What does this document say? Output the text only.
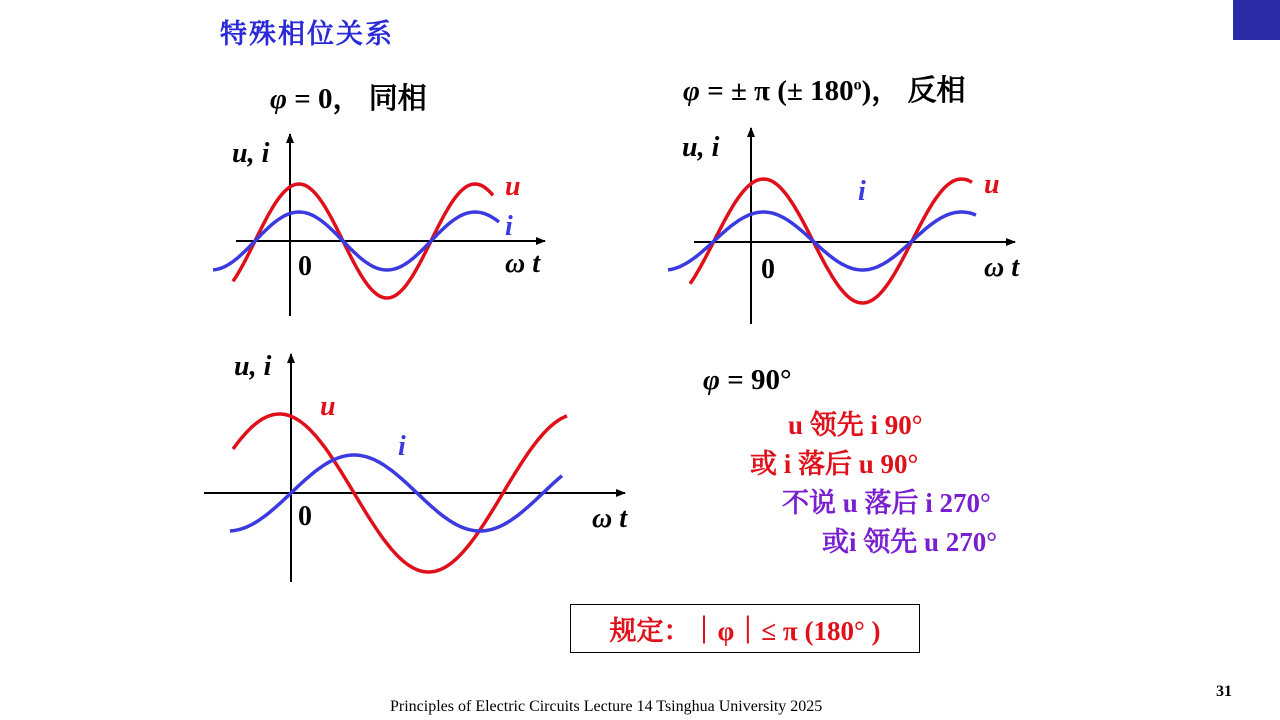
特殊相位关系
φ = 0， 同相	φ = ± π (± $180^o$)， 反相
φ = 90°
u 领先 i 90°
或 i 落后 u 90°
不说 u 落后 i 270°
或i 领先 u 270°
规定： ｜φ｜≤ π (180° )
u, i
0	ω t
u
i
u, i
0	ω t
u
i
u, i
0	ω t
u
i
Principles of Electric Circuits Lecture 14 Tsinghua University 2025
31
